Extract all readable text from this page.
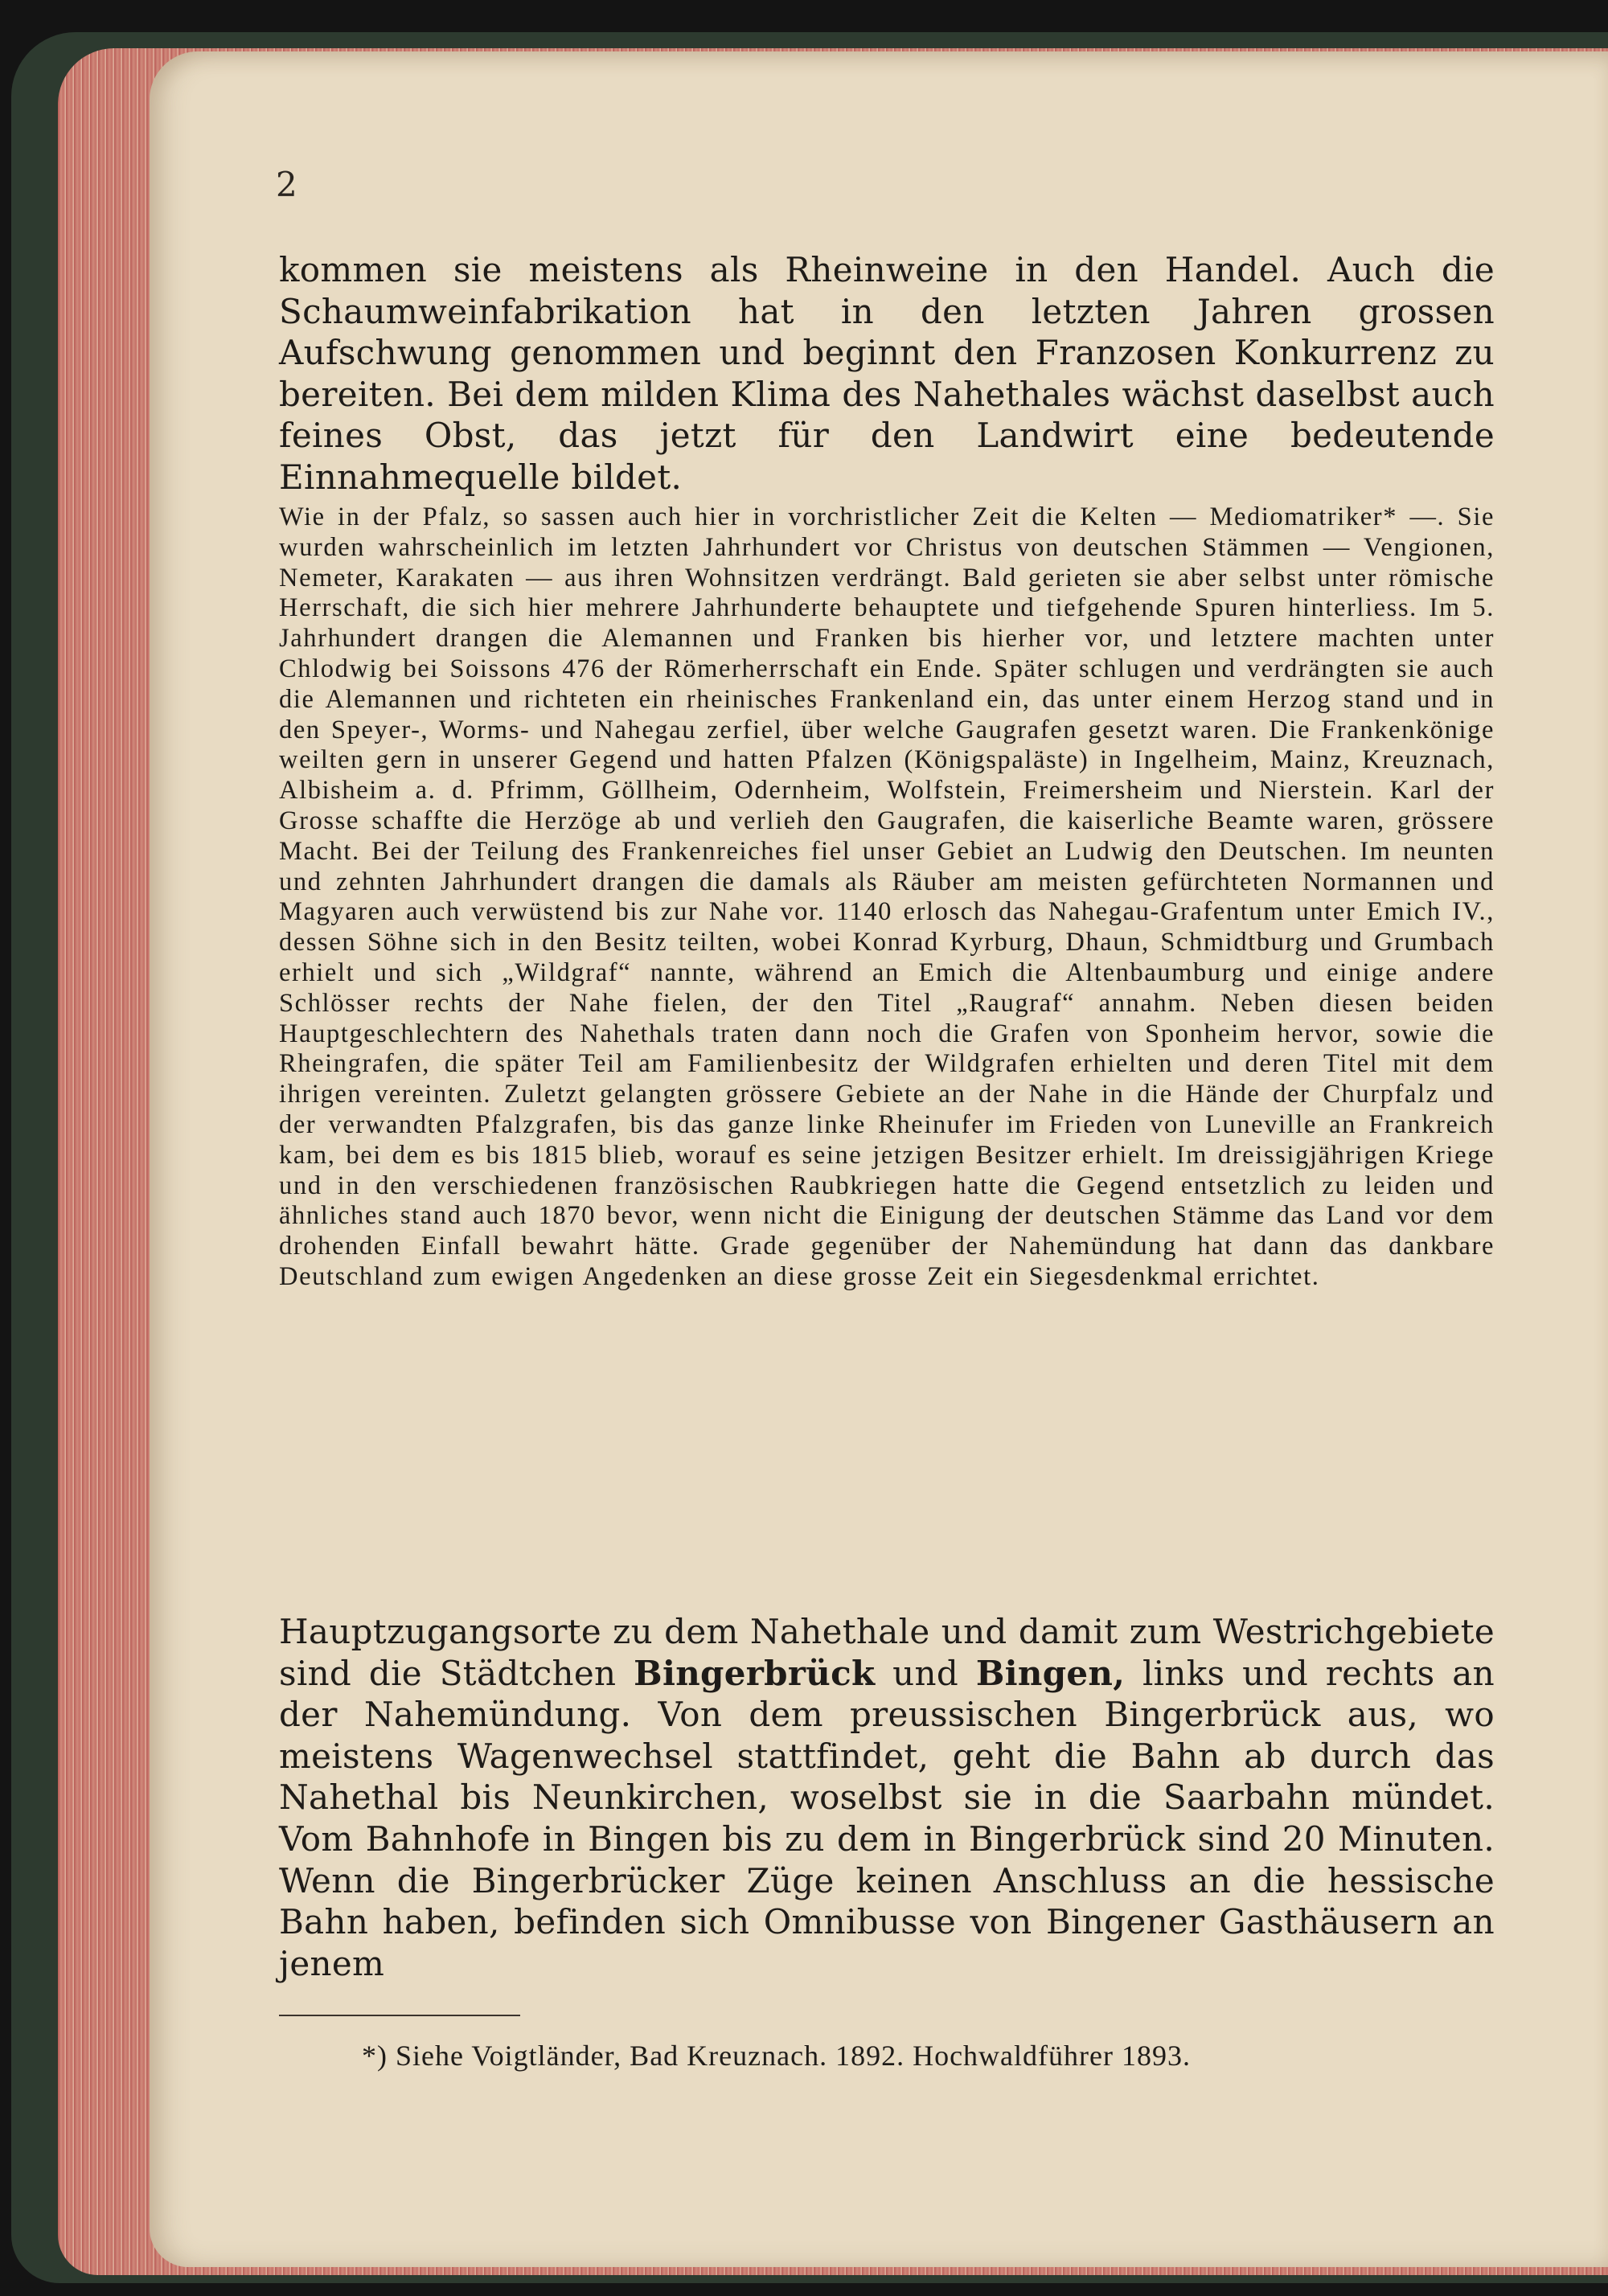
2

kommen sie meistens als Rheinweine in den Handel. Auch die Schaumweinfabrikation hat in den letzten Jahren grossen Aufschwung genommen und beginnt den Franzosen Konkurrenz zu bereiten. Bei dem milden Klima des Nahethales wächst daselbst auch feines Obst, das jetzt für den Landwirt eine bedeutende Einnahmequelle bildet.

Wie in der Pfalz, so sassen auch hier in vorchristlicher Zeit die Kelten — Mediomatriker* —. Sie wurden wahrscheinlich im letzten Jahrhundert vor Christus von deutschen Stämmen — Vengionen, Nemeter, Karakaten — aus ihren Wohnsitzen verdrängt. Bald gerieten sie aber selbst unter römische Herrschaft, die sich hier mehrere Jahrhunderte behauptete und tiefgehende Spuren hinterliess. Im 5. Jahrhundert drangen die Alemannen und Franken bis hierher vor, und letztere machten unter Chlodwig bei Soissons 476 der Römerherrschaft ein Ende. Später schlugen und verdrängten sie auch die Alemannen und richteten ein rheinisches Frankenland ein, das unter einem Herzog stand und in den Speyer-, Worms- und Nahegau zerfiel, über welche Gaugrafen gesetzt waren. Die Frankenkönige weilten gern in unserer Gegend und hatten Pfalzen (Königspaläste) in Ingelheim, Mainz, Kreuznach, Albisheim a. d. Pfrimm, Göllheim, Odernheim, Wolfstein, Freimersheim und Nierstein. Karl der Grosse schaffte die Herzöge ab und verlieh den Gaugrafen, die kaiserliche Beamte waren, grössere Macht. Bei der Teilung des Frankenreiches fiel unser Gebiet an Ludwig den Deutschen. Im neunten und zehnten Jahrhundert drangen die damals als Räuber am meisten gefürchteten Normannen und Magyaren auch verwüstend bis zur Nahe vor. 1140 erlosch das Nahegau-Grafentum unter Emich IV., dessen Söhne sich in den Besitz teilten, wobei Konrad Kyrburg, Dhaun, Schmidtburg und Grumbach erhielt und sich „Wildgraf“ nannte, während an Emich die Altenbaumburg und einige andere Schlösser rechts der Nahe fielen, der den Titel „Raugraf“ annahm. Neben diesen beiden Hauptgeschlechtern des Nahethals traten dann noch die Grafen von Sponheim hervor, sowie die Rheingrafen, die später Teil am Familienbesitz der Wildgrafen erhielten und deren Titel mit dem ihrigen vereinten. Zuletzt gelangten grössere Gebiete an der Nahe in die Hände der Churpfalz und der verwandten Pfalzgrafen, bis das ganze linke Rheinufer im Frieden von Luneville an Frankreich kam, bei dem es bis 1815 blieb, worauf es seine jetzigen Besitzer erhielt. Im dreissigjährigen Kriege und in den verschiedenen französischen Raubkriegen hatte die Gegend entsetzlich zu leiden und ähnliches stand auch 1870 bevor, wenn nicht die Einigung der deutschen Stämme das Land vor dem drohenden Einfall bewahrt hätte. Grade gegenüber der Nahemündung hat dann das dankbare Deutschland zum ewigen Angedenken an diese grosse Zeit ein Siegesdenkmal errichtet.

Hauptzugangsorte zu dem Nahethale und damit zum Westrichgebiete sind die Städtchen Bingerbrück und Bingen, links und rechts an der Nahemündung. Von dem preussischen Bingerbrück aus, wo meistens Wagenwechsel stattfindet, geht die Bahn ab durch das Nahethal bis Neunkirchen, woselbst sie in die Saarbahn mündet. Vom Bahnhofe in Bingen bis zu dem in Bingerbrück sind 20 Minuten. Wenn die Bingerbrücker Züge keinen Anschluss an die hessische Bahn haben, befinden sich Omnibusse von Bingener Gasthäusern an jenem

*) Siehe Voigtländer, Bad Kreuznach. 1892. Hochwaldführer 1893.
